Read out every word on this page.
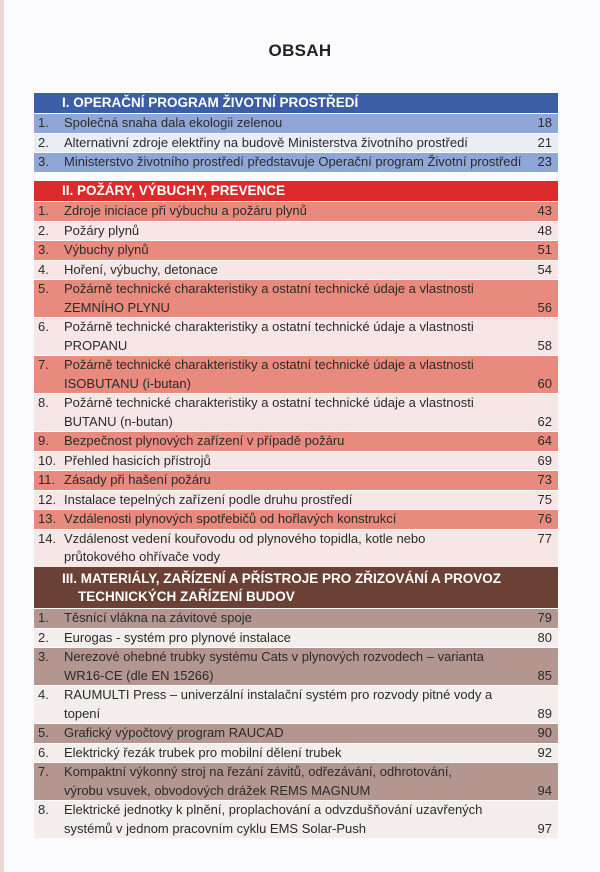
OBSAH
I. OPERAČNÍ PROGRAM ŽIVOTNÍ PROSTŘEDÍ
1.	Společná snaha dala ekologii zelenou	18
2.	Alternativní zdroje elektřiny na budově Ministerstva životního prostředí	21
3.	Ministerstvo životního prostředí představuje Operační program Životní prostředí	23
II. POŽÁRY, VÝBUCHY, PREVENCE
1.	Zdroje iniciace při výbuchu a požáru plynů	43
2.	Požáry plynů	48
3.	Výbuchy plynů	51
4.	Hoření, výbuchy, detonace	54
5.	Požárně technické charakteristiky a ostatní technické údaje a vlastnosti
ZEMNÍHO PLYNU	56
6.	Požárně technické charakteristiky a ostatní technické údaje a vlastnosti
PROPANU	58
7.	Požárně technické charakteristiky a ostatní technické údaje a vlastnosti
ISOBUTANU (i-butan)	60
8.	Požárně technické charakteristiky a ostatní technické údaje a vlastnosti
BUTANU (n-butan)	62
9.	Bezpečnost plynových zařízení v případě požáru	64
10. Přehled hasicích přístrojů	69
11. Zásady při hašení požáru	73
12. Instalace tepelných zařízení podle druhu prostředí	75
13. Vzdálenosti plynových spotřebičů od hořlavých konstrukcí	76
14. Vzdálenost vedení kouřovodu od plynového topidla, kotle nebo
průtokového ohřívače vody
77
III. MATERIÁLY, ZAŘÍZENÍ A PŘÍSTROJE PRO ZŘIZOVÁNÍ A PROVOZ
TECHNICKÝCH ZAŘÍZENÍ BUDOV
1.	Těsnící vlákna na závitové spoje	79
2.	Eurogas - systém pro plynové instalace	80
3.	Nerezové ohebné trubky systému Cats v plynových rozvodech – varianta
WR16-CE (dle EN 15266)	85
4.	RAUMULTI Press – univerzální instalační systém pro rozvody pitné vody a topení	89
5.	Grafický výpočtový program RAUCAD	90
6.	Elektrický řezák trubek pro mobilní dělení trubek	92
7.	Kompaktní výkonný stroj na řezání závitů, odřezávání, odhrotování,
výrobu vsuvek, obvodových drážek REMS MAGNUM	94
8.	Elektrické jednotky k plnění, proplachování a odvzdušňování uzavřených
systémů v jednom pracovním cyklu EMS Solar-Push	97
